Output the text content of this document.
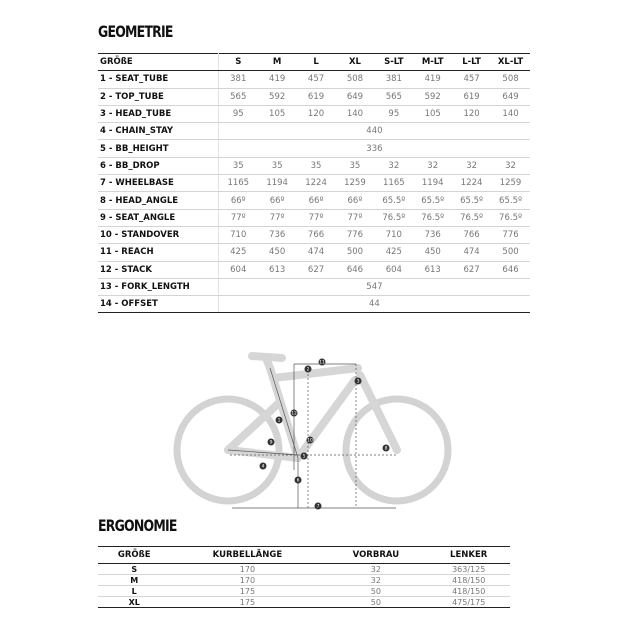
GEOMETRIE
GRÖßE	S	M	L	XL	S-LT	M-LT	L-LT	XL-LT
1 - SEAT_TUBE	381	419	457	508	381	419	457	508
2 - TOP_TUBE	565	592	619	649	565	592	619	649
3 - HEAD_TUBE	95	105	120	140	95	105	120	140
4 - CHAIN_STAY	440							
5 - BB_HEIGHT	336							
6 - BB_DROP	35	35	35	35	32	32	32	32
7 - WHEELBASE	1165	1194	1224	1259	1165	1194	1224	1259
8 - HEAD_ANGLE	66º	66º	66º	66º	65.5º	65.5º	65.5º	65.5º
9 - SEAT_ANGLE	77º	77º	77º	77º	76.5º	76.5º	76.5º	76.5º
10 - STANDOVER	710	736	766	776	710	736	766	776
11 - REACH	425	450	474	500	425	450	474	500
12 - STACK	604	613	627	646	604	613	627	646
13 - FORK_LENGTH	547							
14 - OFFSET	44							
1
2
3
4
5
6
7
8
9	10
11
12
ERGONOMIE
GRÖßE	KURBELLÄNGE	VORBRAU	LENKER
S	170	32	363/125
M	170	32	418/150
L	175	50	418/150
XL	175	50	475/175
